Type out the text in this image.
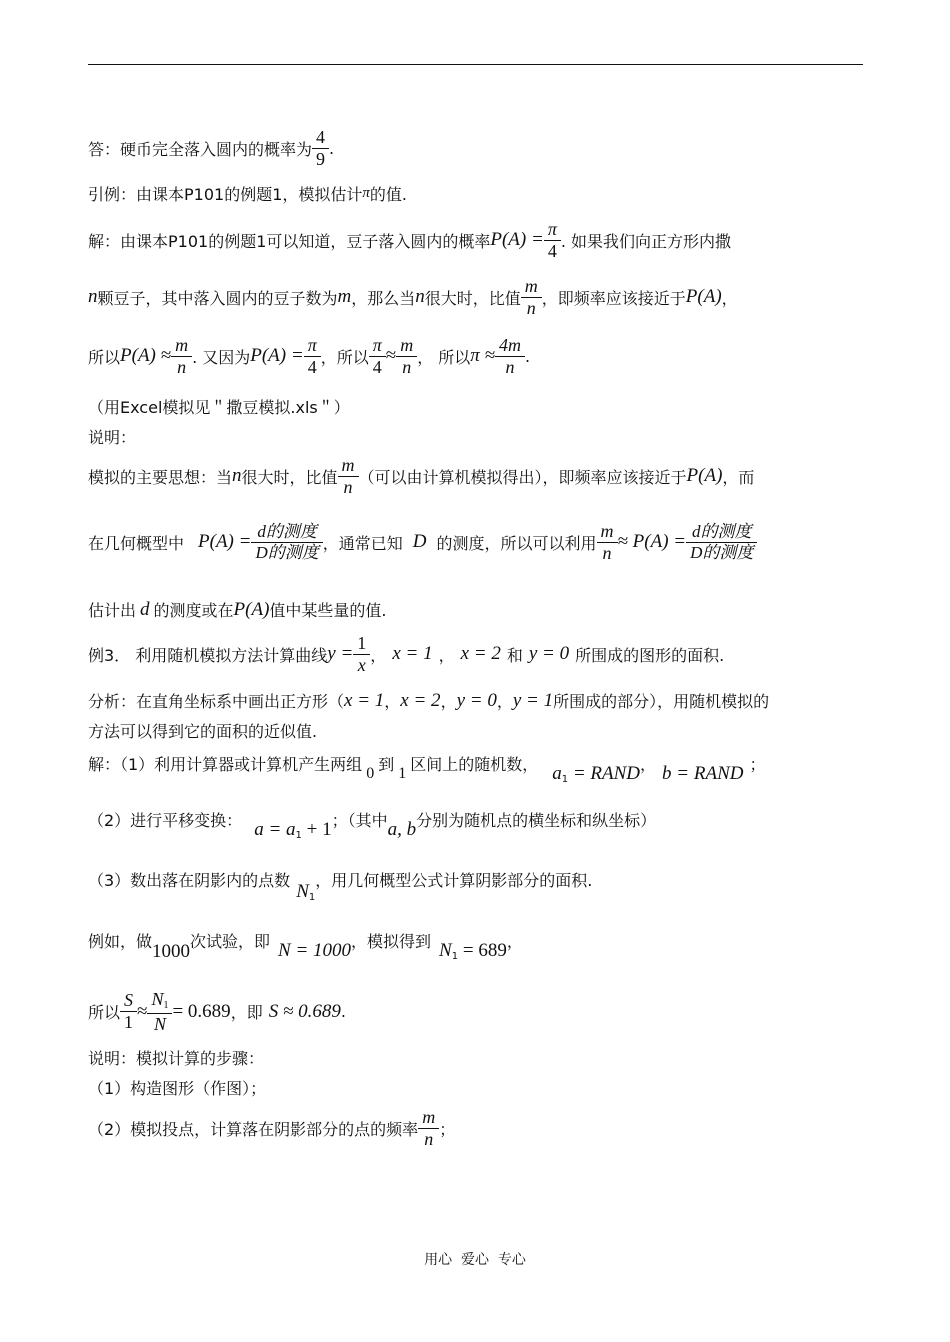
答：硬币完全落入圆内的概率为 $\frac{4}{9}$ .
引例：由课本P101的例题1，模拟估计 π 的值.
解：由课本P101的例题1可以知道，豆子落入圆内的概率 $P(A) = \frac{\pi}{4}$ . 如果我们向正方形内撒
n 颗豆子，其中落入圆内的豆子数为 m ，那么当 n 很大时，比值 $\frac{m}{n}$ ，即频率应该接近于 P(A) ，
所以 $P(A) \approx \frac{m}{n}$ . 又因为 $P(A) = \frac{\pi}{4}$ ，所以 $\frac{\pi}{4} \approx \frac{m}{n}$ ， 所以 $\pi \approx \frac{4m}{n}$ .
（用Excel模拟见＂撒豆模拟.xls＂）
说明：
模拟的主要思想：当 n 很大时，比值 $\frac{m}{n}$ （可以由计算机模拟得出），即频率应该接近于 P(A) ，而
在几何概型中 $P(A) = \frac{\text{d的测度}}{\text{D的测度}}$ ，通常已知 D 的测度，所以可以利用 $\frac{m}{n} \approx P(A) = \frac{\text{d的测度}}{\text{D的测度}}$
估计出 d 的测度或在 P(A) 值中某些量的值.
例3． 利用随机模拟方法计算曲线 $y = \frac{1}{x}$ ， x = 1 ， x = 2 和 y = 0 所围成的图形的面积.
分析：在直角坐标系中画出正方形（ x = 1 ， x = 2 ， y = 0 ， y = 1 所围成的部分），用随机模拟的
方法可以得到它的面积的近似值.
解：（1）利用计算器或计算机产生两组 0 到 1 区间上的随机数， $a_1$ = RAND ， b = RAND ；
（2）进行平移变换： $a = a_1 + 1$ ；（其中 a, b 分别为随机点的横坐标和纵坐标）
（3）数出落在阴影内的点数 $N_1$
，用几何概型公式计算阴影部分的面积.
例如，做 1000 次试验，即 N = 1000 ，模拟得到 $N_1 = 689$ ，
所以 $\frac{S}{1} \approx \frac{N_1}{N} = 0.689$ ，即 S ≈ 0.689 .
说明：模拟计算的步骤：
（1）构造图形（作图）；
（2）模拟投点，计算落在阴影部分的点的频率 $\frac{m}{n}$ ；
用心  爱心  专心
